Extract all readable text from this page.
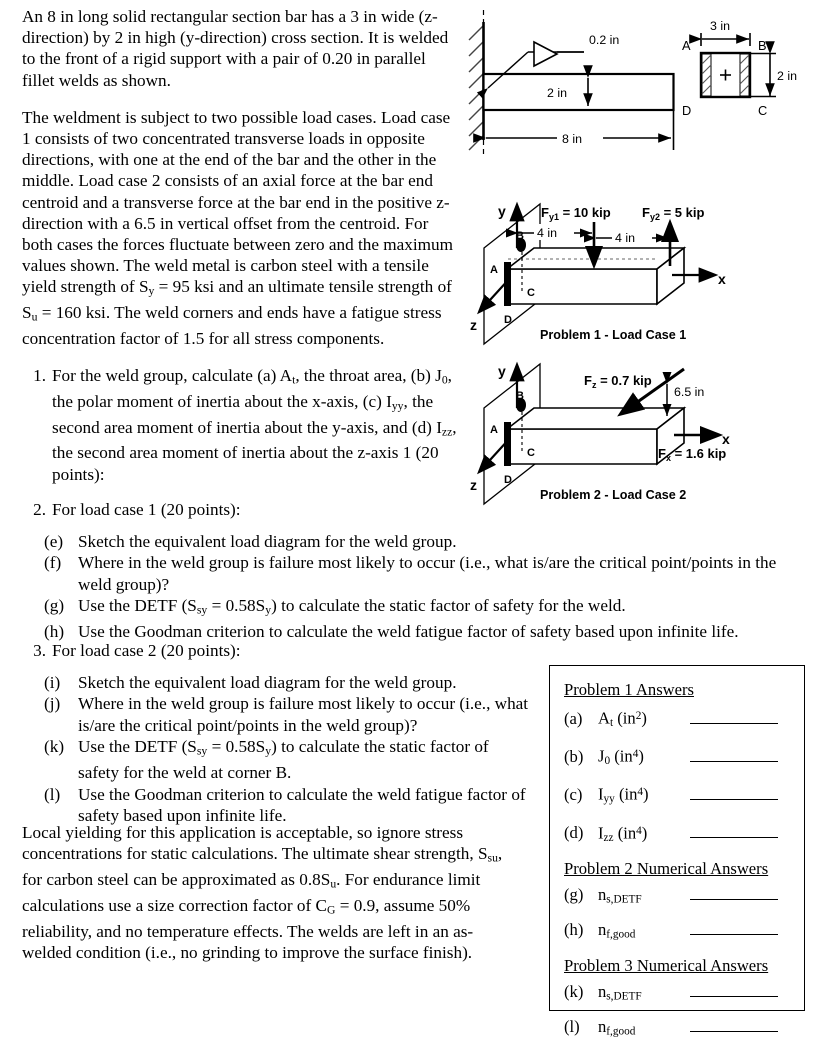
An 8 in long solid rectangular section bar has a 3 in wide (z-direction) by 2 in high (y-direction) cross section. It is welded to the front of a rigid support with a pair of 0.20 in parallel fillet welds as shown.

The weldment is subject to two possible load cases. Load case 1 consists of two concentrated transverse loads in opposite directions, with one at the end of the bar and the other in the middle. Load case 2 consists of an axial force at the bar end centroid and a transverse force at the bar end in the positive z-direction with a 6.5 in vertical offset from the centroid. For both cases the forces fluctuate between zero and the maximum values shown. The weld metal is carbon steel with a tensile yield strength of $S_y = 95$ ksi and an ultimate tensile strength of $S_u = 160$ ksi. The weld corners and ends have a fatigue stress concentration factor of 1.5 for all stress components.

1. For the weld group, calculate (a) $A_t$, the throat area, (b) $J_0$, the polar moment of inertia about the x-axis, (c) $I_{yy}$, the second area moment of inertia about the y-axis, and (d) $I_{zz}$, the second area moment of inertia about the z-axis 1 (20 points):
2. For load case 1 (20 points):
(e) Sketch the equivalent load diagram for the weld group.
(f) Where in the weld group is failure most likely to occur (i.e., what is/are the critical point/points in the weld group)?
(g) Use the DETF $(S_{sy} = 0.58S_y)$ to calculate the static factor of safety for the weld.
(h) Use the Goodman criterion to calculate the weld fatigue factor of safety based upon infinite life.
3. For load case 2 (20 points):
(i)	Sketch the equivalent load diagram for the weld group.
(j)	Where in the weld group is failure most likely to occur (i.e., what is/are the critical point/points in the weld group)?
(k) Use the DETF $(S_{sy} = 0.58S_y)$ to calculate the static factor of safety for the weld at corner B.
(l)	Use the Goodman criterion to calculate the weld fatigue factor of safety based upon infinite life.

Local yielding for this application is acceptable, so ignore stress concentrations for static calculations. The ultimate shear strength, $S_{su}$, for carbon steel can be approximated as $0.8S_u$. For endurance limit calculations use a size correction factor of $C_G = 0.9$, assume 50% reliability, and no temperature effects. The welds are left in an as-welded condition (i.e., no grinding to improve the surface finish).

Problem 1 Answers
(a) $A_t$ $(in^2)$
(b) $J_0$ $(in^4)$
(c) $I_{yy}$ $(in^4)$
(d) $I_{zz}$ $(in^4)$
Problem 2 Numerical Answers
(g) $n_{s,DETF}$
(h) $n_{f,good}$
Problem 3 Numerical Answers
(k) $n_{s,DETF}$
(l)	$n_{f,good}$
0.2 in
2 in
8 in
3 in
A	B
D	C
2 in
y
x
z
A
B
C
D
$F_{y1} = 10$ kip $F_{y2} = 5$ kip
4 in	4 in
Problem 1 - Load Case 1
y
x
z
A
B
C
D
$F_z = 0.7$ kip
6.5 in
$F_x = 1.6$ kip
Problem 2 - Load Case 2
